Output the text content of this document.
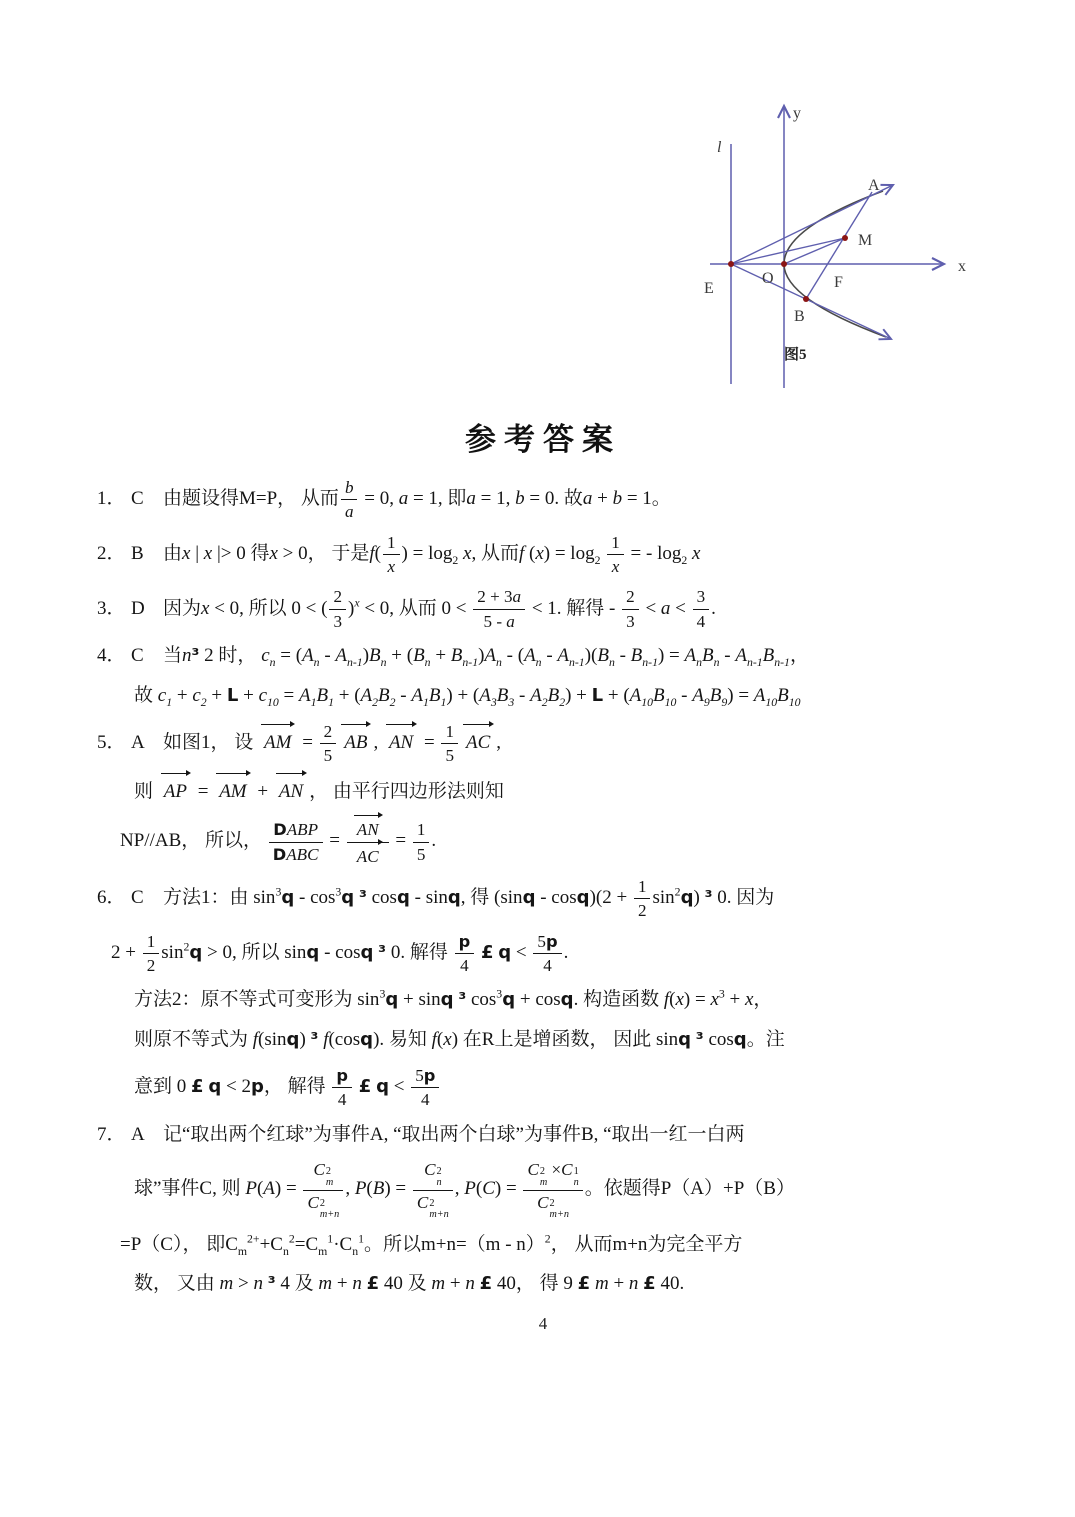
y
x
l
A
M
E
O	F
B
图5
参考答案
1． C 由题设得M=P， 从而 $\frac{b}{a} = 0$, a = 1, 即a = 1, b = 0. 故a + b = 1。
2． B 由x | x |> 0 得x > 0， 于是$f( \frac{1}{x}$ ) = $\log_2 x$, 从而f $(x) = \log_2 \frac{1}{x}$ = - $\log_2 x$
3． D 因为x < 0, 所以 0 < ( $\frac{2}{3} )^x < 0$, 从而 $0 < \frac{2 + 3a}{5 - a} < 1$. 解得 - $\frac{2}{3} < a < \frac{3}{4}$ .
4． C 当n³ 2 时， $c_n = (A_n - A_{n-1})B_n + (B_n + B_{n-1})A_n - (A_n - A_{n-1})(B_n - B_{n-1}) = A_nB_n - A_{n-1}B_{n-1}$，
故 $c_1 + c_2 + L + c_{10} = A_1B_1 + (A_2B_2 - A_1B_1) + (A_3B_3 - A_2B_2) + L + (A_{10}B_{10} - A_9B_9) = A_{10}B_{10}$
5． A 如图1， 设 AM = $\frac{2}{5}$ AB , AN = $\frac{1}{5}$ AC ,
则 AP = AM + AN ， 由平行四边形法则知
NP//AB， 所以， $\frac{\text{DABP}}{\text{DABC}} = \frac{AN}{AC} = \frac{1}{5}$ .
6． C 方法1：由 $\sin^3q - \cos^3q$ ³ cosq - sinq, 得 $(\sin q - \cos q)(2 + \frac{1}{2} \sin^2q)$ ³ 0. 因为
$2 + \frac{1}{2} \sin^2q > 0$, 所以 sinq - cosq ³ 0. 解得 $\frac{p}{4}$ £ $q < \frac{5p}{4}$ .
方法2：原不等式可变形为 $\sin^3q + \sin q$ ³ $\cos^3q + \cos q$. 构造函数 $f(x) = x^3 + x$，
则原不等式为 f(sinq) ³ f(cosq). 易知 f(x) 在R上是增函数， 因此 sinq ³ cosq。注
意到 0 £ q < 2p， 解得 $\frac{p}{4}$ £ $q < \frac{5p}{4}$
7． A 记“取出两个红球”为事件A, “取出两个白球”为事件B, “取出一红一白两
球”事件C, 则 P(A) = C 2
m
C 2
m+n , P(B) = C 2
n
C 2
m+n , P(C) = C 2
m
×C 1
n
C 2
m+n 。依题得P（A）+P（B）
=P（C）， 即$C_m^{2+}+C_n^2=C_m^1\cdot C_n^1$。所以m+n=（m - n）$^2$， 从而m+n为完全平方
数， 又由 m > n ³ 4 及 m + n £ 40 及 m + n £ 40， 得 9 £ m + n £ 40.
4
